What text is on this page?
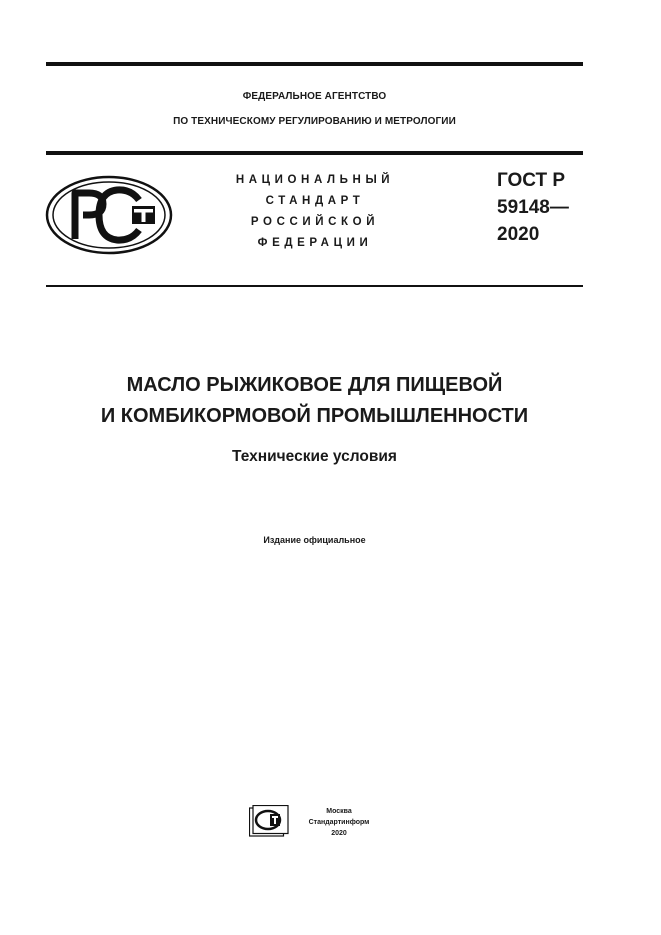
ФЕДЕРАЛЬНОЕ АГЕНТСТВО
ПО ТЕХНИЧЕСКОМУ РЕГУЛИРОВАНИЮ И МЕТРОЛОГИИ
НАЦИОНАЛЬНЫЙ
СТАНДАРТ
РОССИЙСКОЙ
ФЕДЕРАЦИИ
ГОСТ Р
59148—
2020
МАСЛО РЫЖИКОВОЕ ДЛЯ ПИЩЕВОЙ
И КОМБИКОРМОВОЙ ПРОМЫШЛЕННОСТИ
Технические условия
Издание официальное
Москва
Стандартинформ
2020
